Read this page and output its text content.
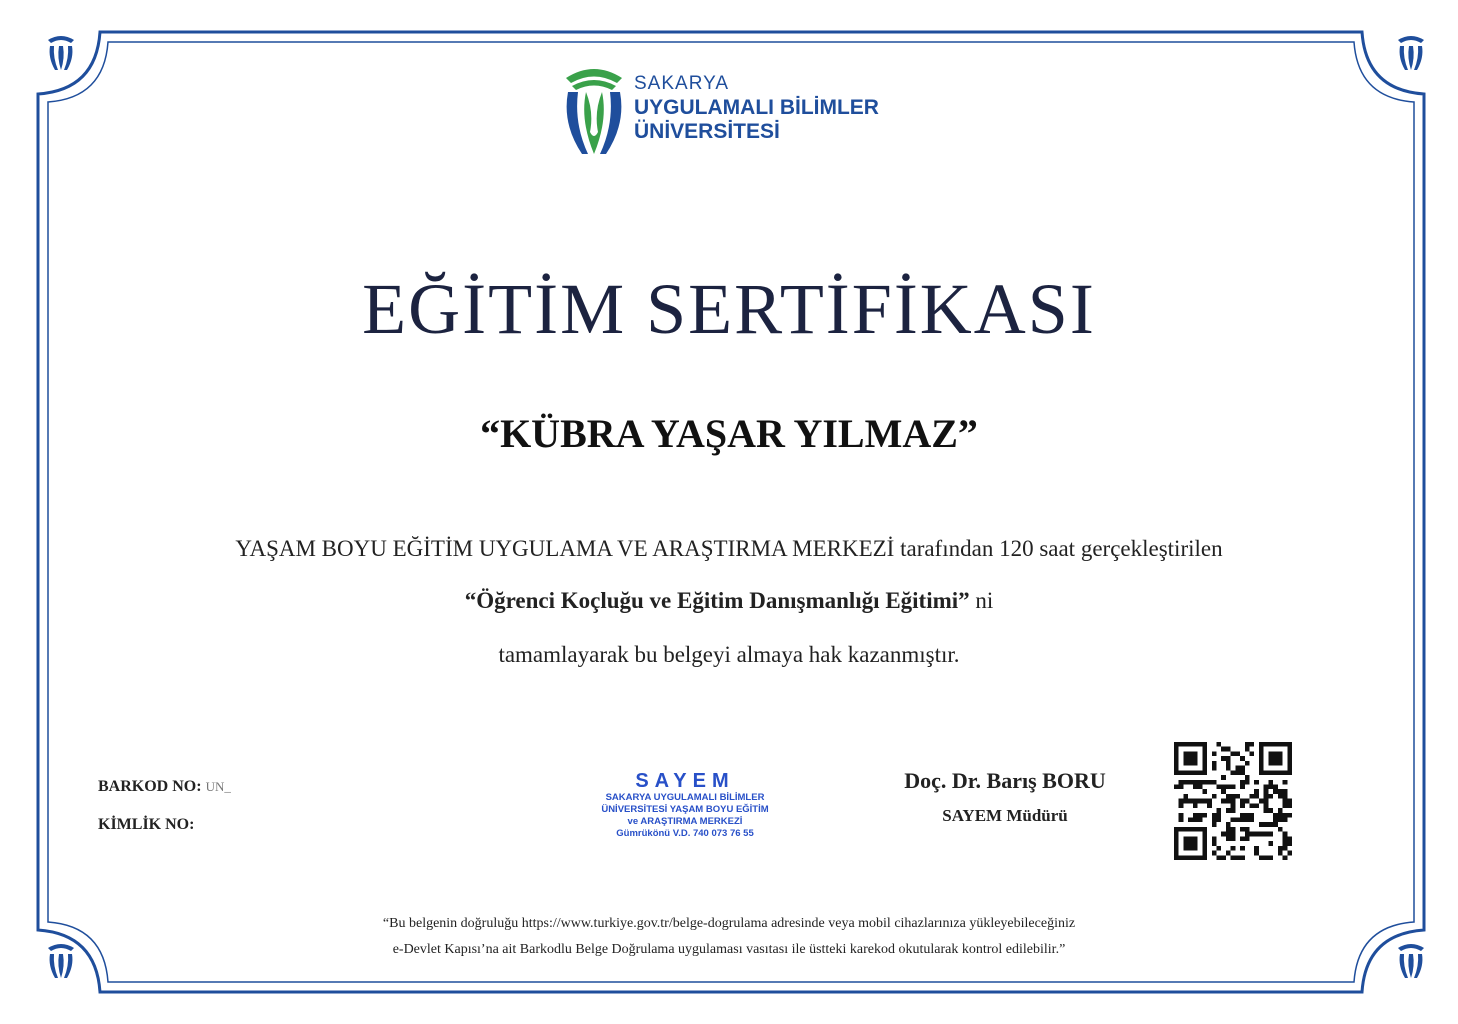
SAKARYA
UYGULAMALI BİLİMLER
ÜNİVERSİTESİ
EĞİTİM SERTİFİKASI
“KÜBRA YAŞAR YILMAZ”
YAŞAM BOYU EĞİTİM UYGULAMA VE ARAŞTIRMA MERKEZİ tarafından 120 saat gerçekleştirilen
“Öğrenci Koçluğu ve Eğitim Danışmanlığı Eğitimi” ni
tamamlayarak bu belgeyi almaya hak kazanmıştır.
BARKOD NO: UN_
KİMLİK NO:
SAYEM
SAKARYA UYGULAMALI BİLİMLER
ÜNİVERSİTESİ YAŞAM BOYU EĞİTİM
ve ARAŞTIRMA MERKEZİ
Gümrükönü V.D. 740 073 76 55
Doç. Dr. Barış BORU
SAYEM Müdürü
“Bu belgenin doğruluğu https://www.turkiye.gov.tr/belge-dogrulama adresinde veya mobil cihazlarınıza yükleyebileceğiniz
e-Devlet Kapısı’na ait Barkodlu Belge Doğrulama uygulaması vasıtası ile üstteki karekod okutularak kontrol edilebilir.”
